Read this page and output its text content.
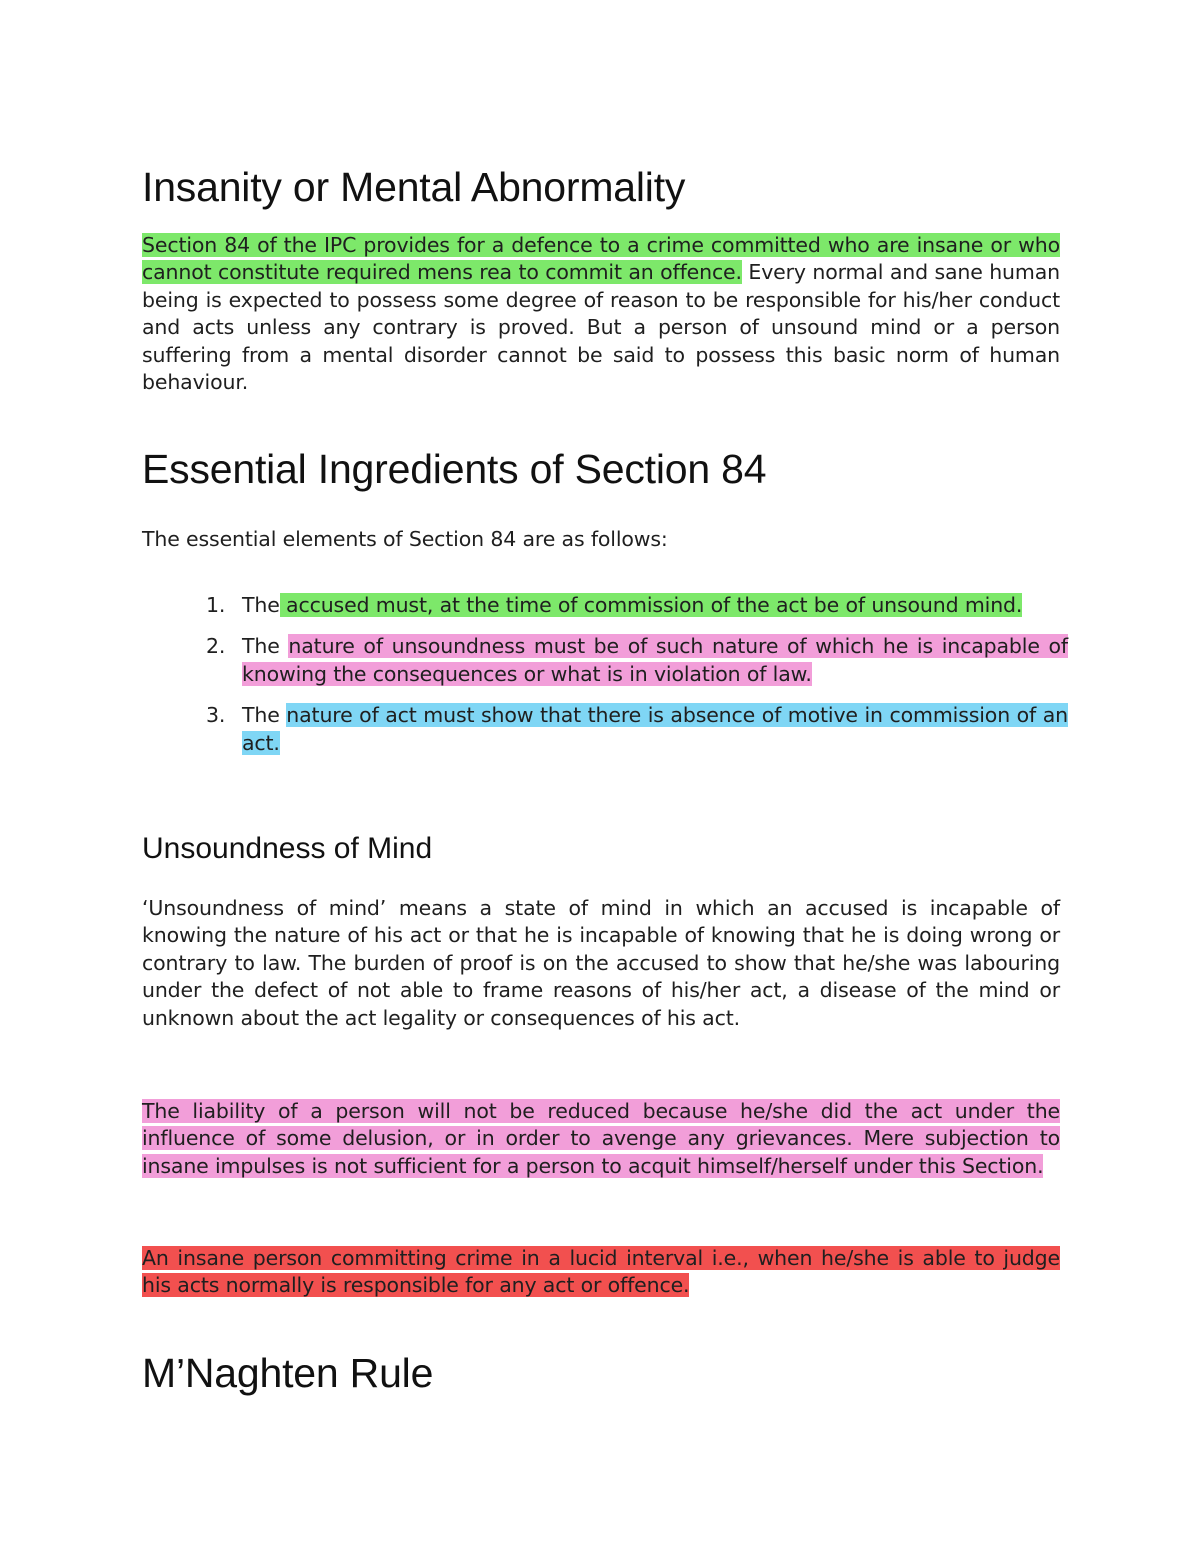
Insanity or Mental Abnormality

Section 84 of the IPC provides for a defence to a crime committed who are insane or who cannot constitute required mens rea to commit an offence. Every normal and sane human being is expected to possess some degree of reason to be responsible for his/her conduct and acts unless any contrary is proved. But a person of unsound mind or a person suffering from a mental disorder cannot be said to possess this basic norm of human behaviour.

Essential Ingredients of Section 84

The essential elements of Section 84 are as follows:

1. The accused must, at the time of commission of the act be of unsound mind.
2. The nature of unsoundness must be of such nature of which he is incapable of knowing the consequences or what is in violation of law.
3. The nature of act must show that there is absence of motive in commission of an act.
Unsoundness of Mind

‘Unsoundness of mind’ means a state of mind in which an accused is incapable of knowing the nature of his act or that he is incapable of knowing that he is doing wrong or contrary to law. The burden of proof is on the accused to show that he/she was labouring under the defect of not able to frame reasons of his/her act, a disease of the mind or unknown about the act legality or consequences of his act.

The liability of a person will not be reduced because he/she did the act under the influence of some delusion, or in order to avenge any grievances. Mere subjection to insane impulses is not sufficient for a person to acquit himself/herself under this Section.

An insane person committing crime in a lucid interval i.e., when he/she is able to judge his acts normally is responsible for any act or offence.

M’Naghten Rule
